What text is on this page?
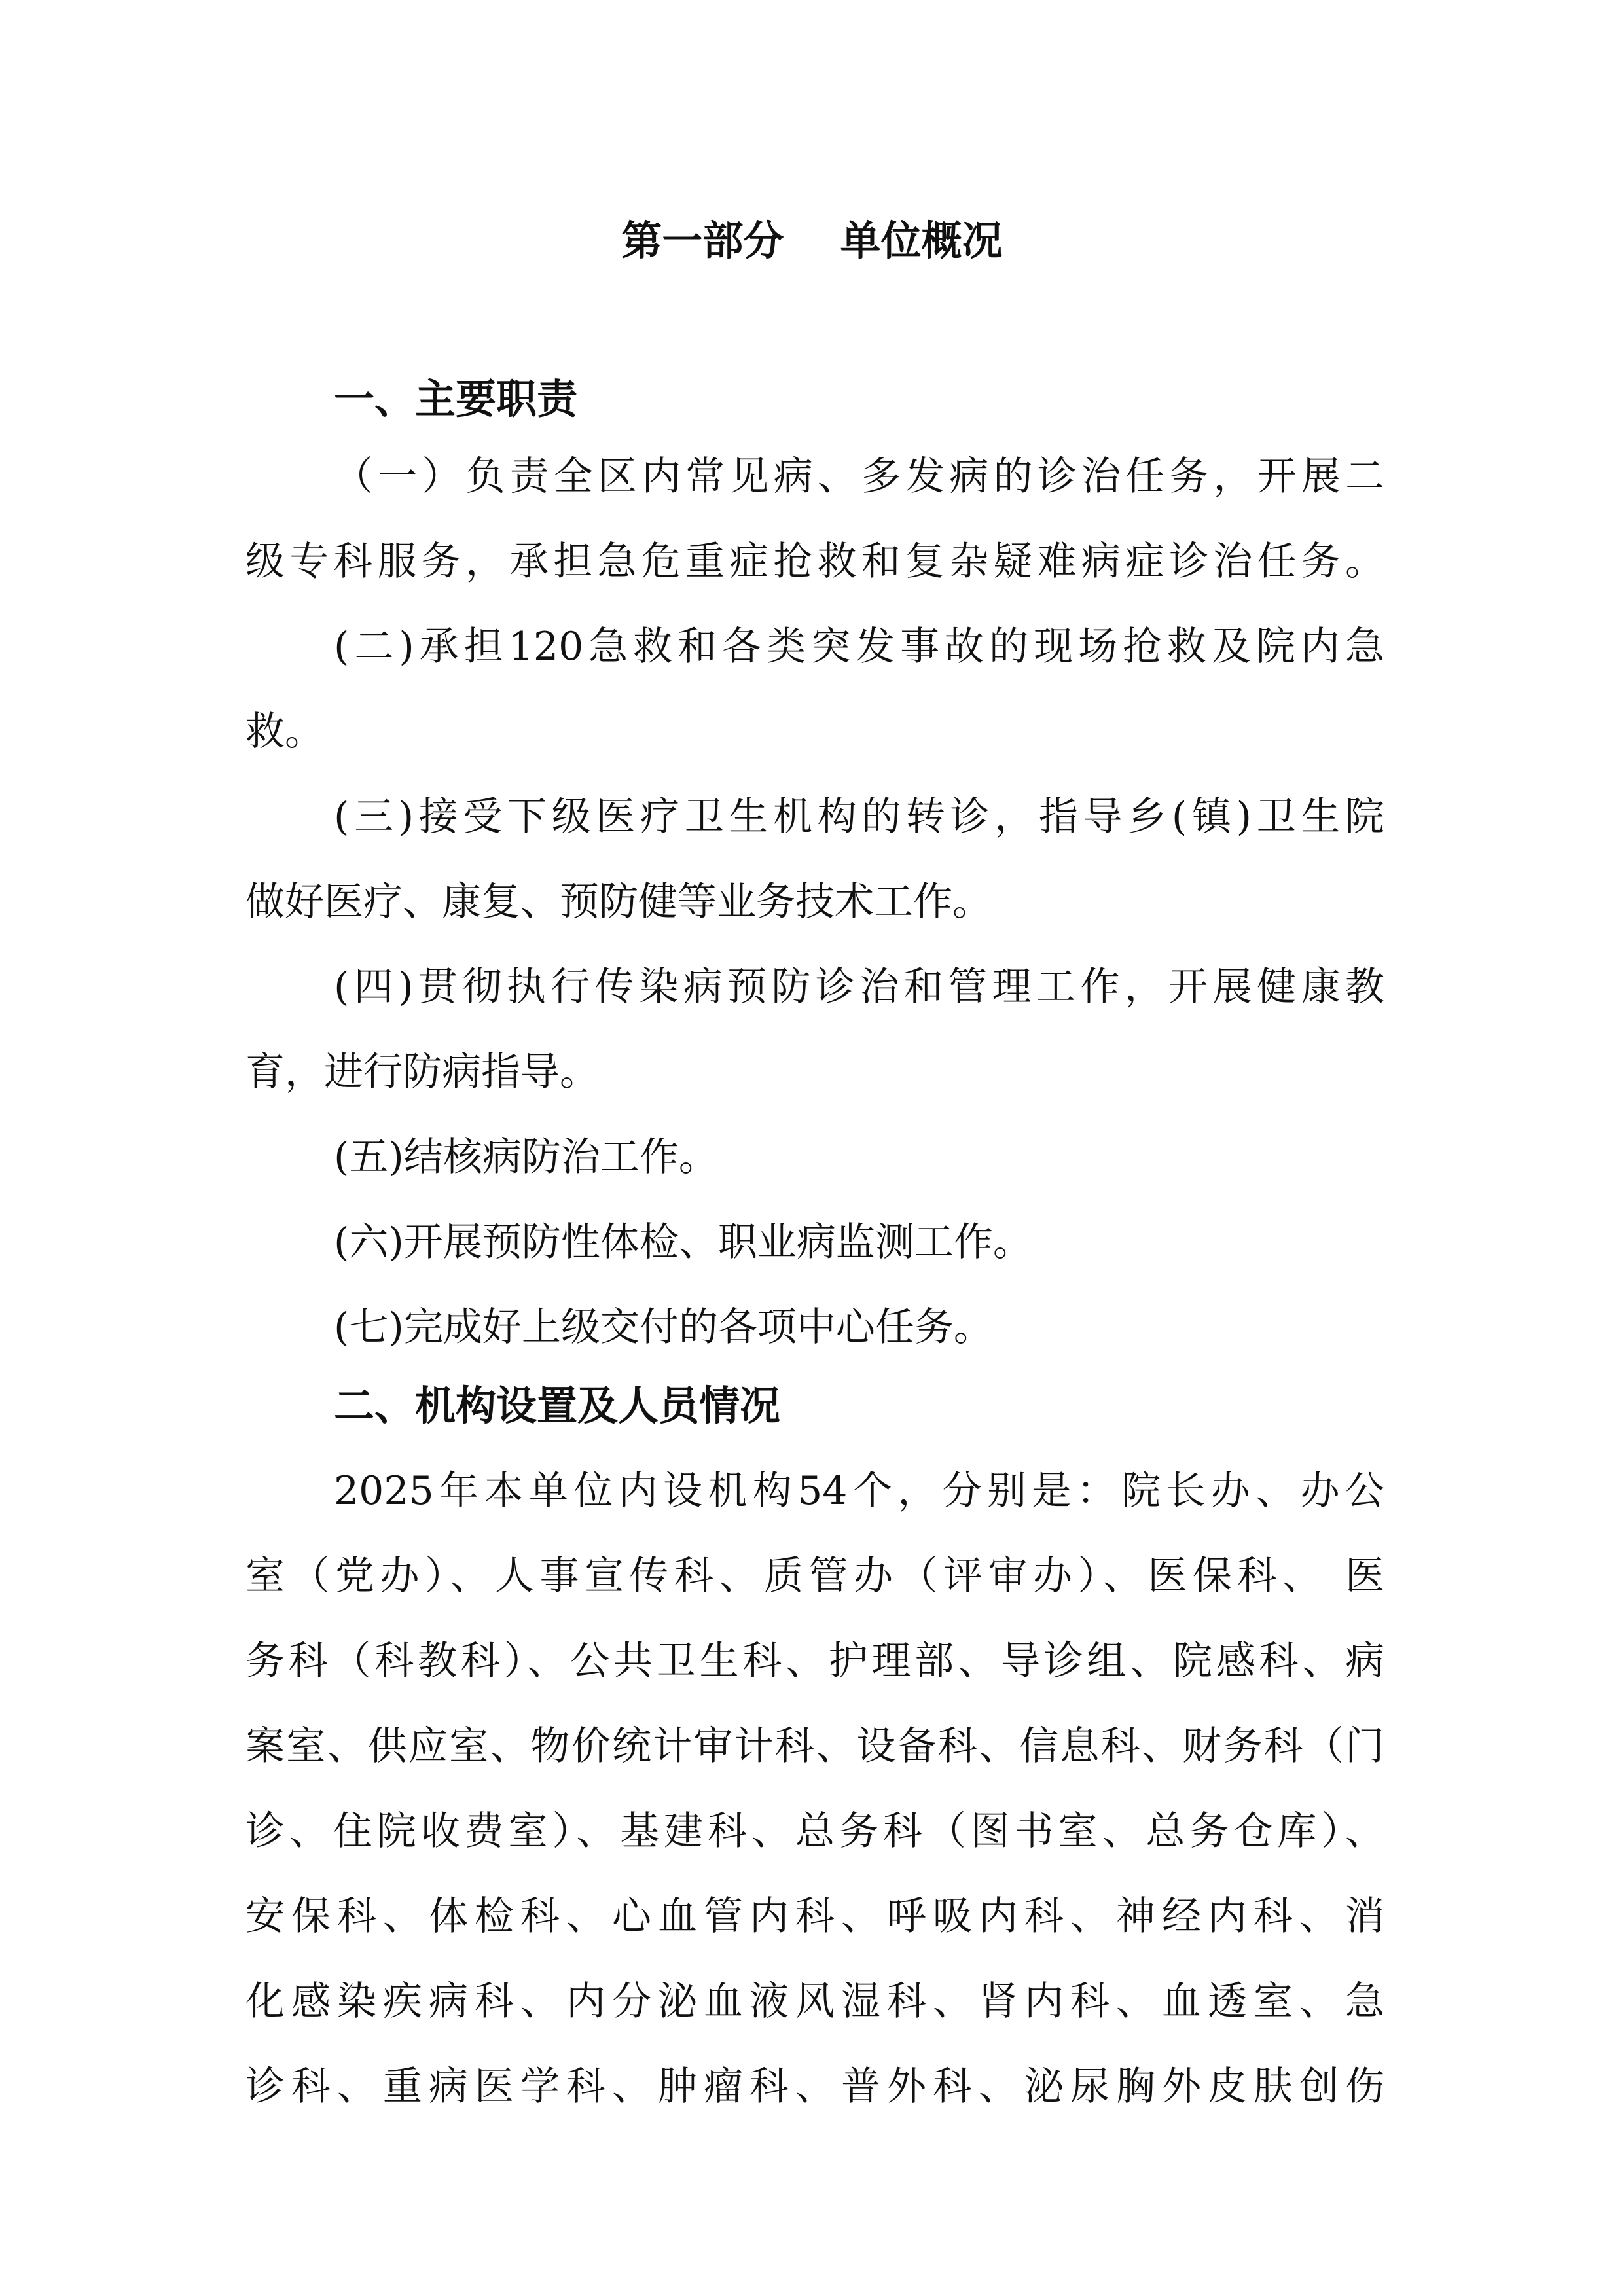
第一部分    单位概况
一、主要职责
（一）负责全区内常见病、多发病的诊治任务，开展二
级专科服务，承担急危重症抢救和复杂疑难病症诊治任务。
(二)承担120急救和各类突发事故的现场抢救及院内急
救。
(三)接受下级医疗卫生机构的转诊，指导乡(镇)卫生院
做好医疗、康复、预防健等业务技术工作。
(四)贯彻执行传染病预防诊治和管理工作，开展健康教
育，进行防病指导。
(五)结核病防治工作。
(六)开展预防性体检、职业病监测工作。
(七)完成好上级交付的各项中心任务。
二、机构设置及人员情况
2025年本单位内设机构54个，分别是：院长办、办公
室（党办）、人事宣传科、质管办（评审办）、医保科、 医
务科（科教科）、公共卫生科、护理部、导诊组、院感科、病
案室、供应室、物价统计审计科、设备科、信息科、财务科（门
诊、住院收费室）、基建科、总务科（图书室、总务仓库）、
安保科、体检科、心血管内科、呼吸内科、神经内科、消
化感染疾病科、内分泌血液风湿科、肾内科、血透室、急
诊科、重病医学科、肿瘤科、普外科、泌尿胸外皮肤创伤
